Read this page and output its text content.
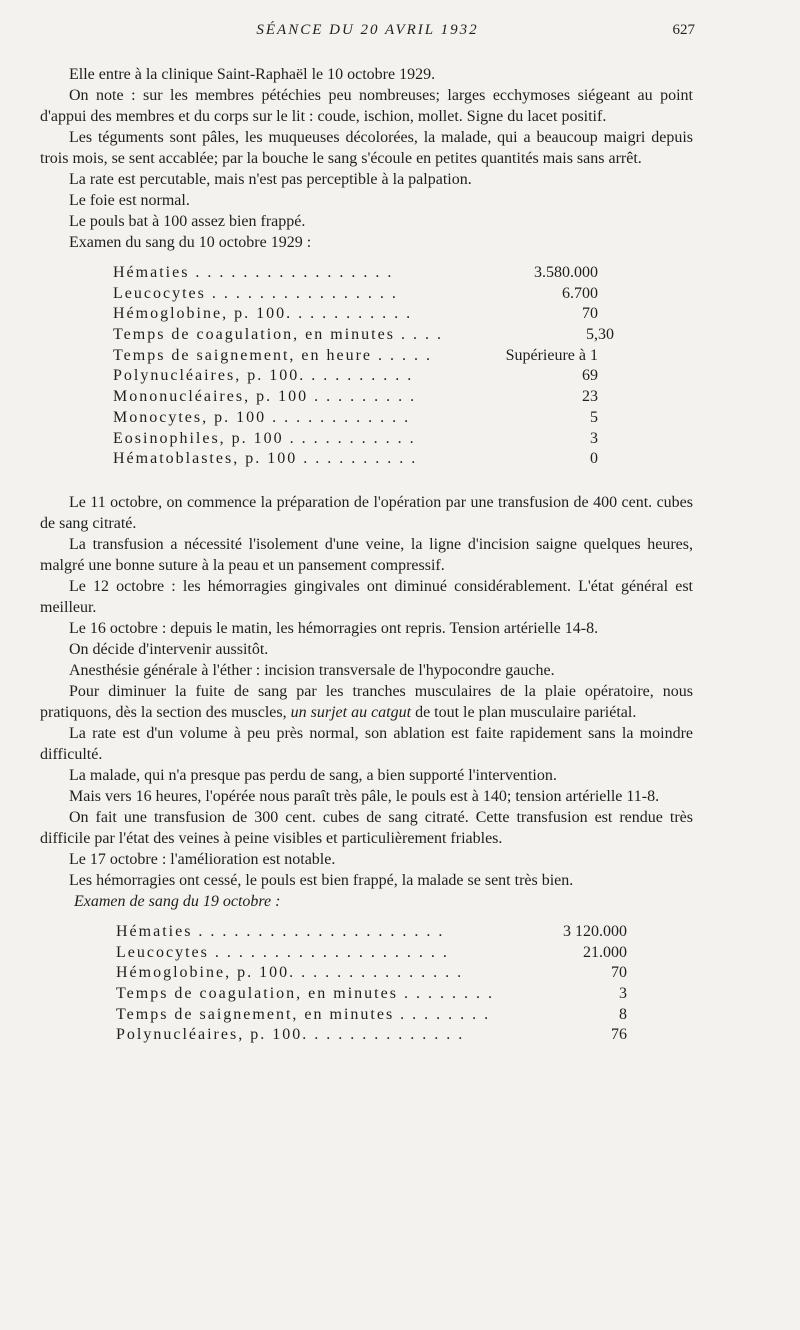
SÉANCE DU 20 AVRIL 1932	627

Elle entre à la clinique Saint-Raphaël le 10 octobre 1929.

On note : sur les membres pétéchies peu nombreuses; larges ecchymoses siégeant au point d'appui des membres et du corps sur le lit : coude, ischion, mollet. Signe du lacet positif.

Les téguments sont pâles, les muqueuses décolorées, la malade, qui a beaucoup maigri depuis trois mois, se sent accablée; par la bouche le sang s'écoule en petites quantités mais sans arrêt.

La rate est percutable, mais n'est pas perceptible à la palpation.

Le foie est normal.

Le pouls bat à 100 assez bien frappé.

Examen du sang du 10 octobre 1929 :

Hématies . . . . . . . . . . . . . . . . .	3.580.000
Leucocytes . . . . . . . . . . . . . . . .	6.700
Hémoglobine, p. 100. . . . . . . . . . .	70
Temps de coagulation, en minutes . . . .	5,30
Temps de saignement, en heure . . . . .	Supérieure à 1
Polynucléaires, p. 100. . . . . . . . . .	69
Mononucléaires, p. 100 . . . . . . . . .	23
Monocytes, p. 100 . . . . . . . . . . . .	5
Eosinophiles, p. 100 . . . . . . . . . . .	3
Hématoblastes, p. 100 . . . . . . . . . .	0

Le 11 octobre, on commence la préparation de l'opération par une transfusion de 400 cent. cubes de sang citraté.

La transfusion a nécessité l'isolement d'une veine, la ligne d'incision saigne quelques heures, malgré une bonne suture à la peau et un pansement compressif.

Le 12 octobre : les hémorragies gingivales ont diminué considérablement. L'état général est meilleur.

Le 16 octobre : depuis le matin, les hémorragies ont repris. Tension artérielle 14-8.

On décide d'intervenir aussitôt.

Anesthésie générale à l'éther : incision transversale de l'hypocondre gauche.

Pour diminuer la fuite de sang par les tranches musculaires de la plaie opératoire, nous pratiquons, dès la section des muscles, un surjet au catgut de tout le plan musculaire pariétal.

La rate est d'un volume à peu près normal, son ablation est faite rapidement sans la moindre difficulté.

La malade, qui n'a presque pas perdu de sang, a bien supporté l'intervention.

Mais vers 16 heures, l'opérée nous paraît très pâle, le pouls est à 140; tension artérielle 11-8.

On fait une transfusion de 300 cent. cubes de sang citraté. Cette transfusion est rendue très difficile par l'état des veines à peine visibles et particulièrement friables.

Le 17 octobre : l'amélioration est notable.

Les hémorragies ont cessé, le pouls est bien frappé, la malade se sent très bien.

Examen de sang du 19 octobre :

Hématies . . . . . . . . . . . . . . . . . . . . .	3 120.000
Leucocytes . . . . . . . . . . . . . . . . . . . .	21.000
Hémoglobine, p. 100. . . . . . . . . . . . . . .	70
Temps de coagulation, en minutes . . . . . . . .	3
Temps de saignement, en minutes . . . . . . . .	8
Polynucléaires, p. 100. . . . . . . . . . . . . .	76
